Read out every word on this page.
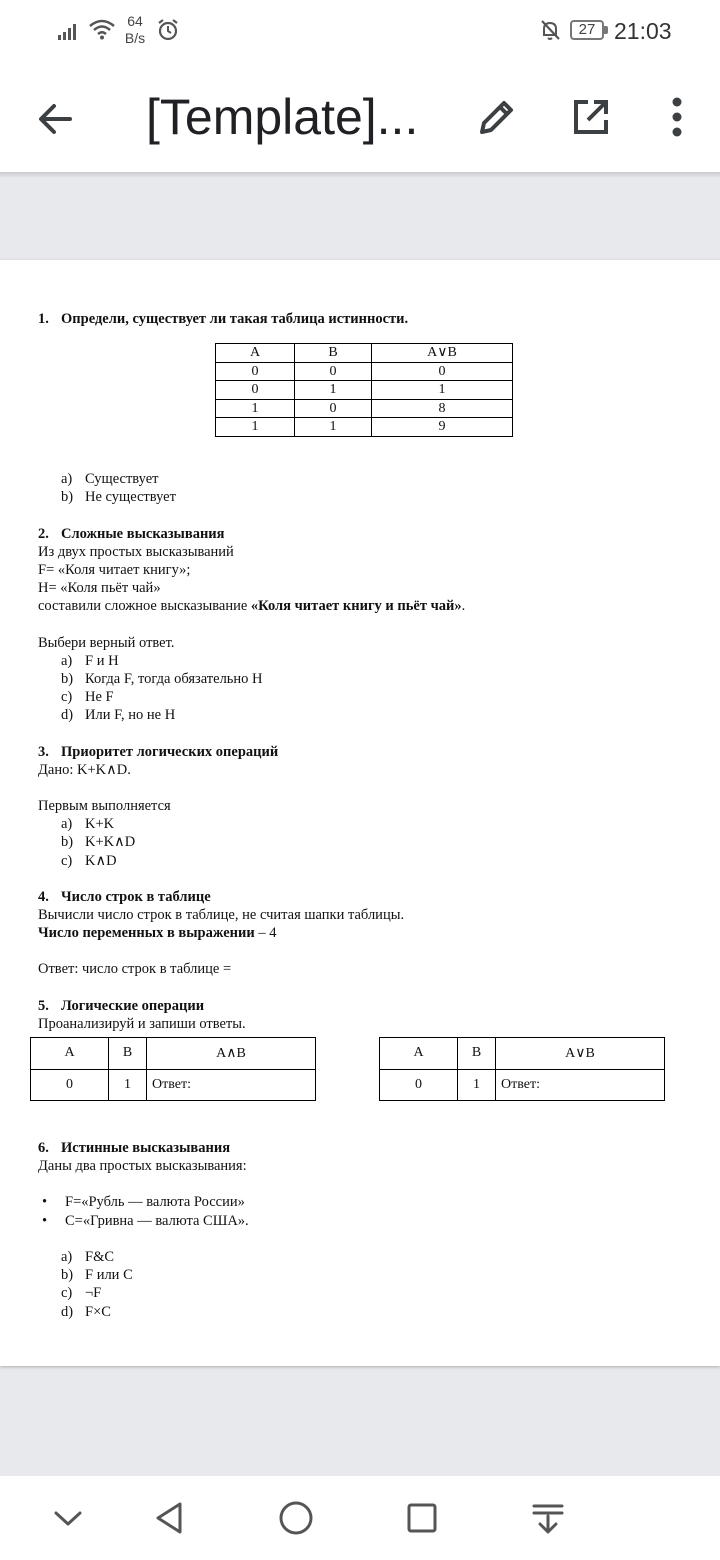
64
B/s	27 21:03
[Template]...
1. Определи, существует ли такая таблица истинности.
a) Существует
b) Не существует
2. Сложные высказывания
Из двух простых высказываний
F= «Коля читает книгу»;
H= «Коля пьёт чай»
составили сложное высказывание «Коля читает книгу и пьёт чай».
Выбери верный ответ.
a) F и H
b) Когда F, тогда обязательно H
c) Не F
d) Или F, но не H
3. Приоритет логических операций
Дано: K+K∧D.
Первым выполняется
a) K+K
b) K+K∧D
c) K∧D
4. Число строк в таблице
Вычисли число строк в таблице, не считая шапки таблицы.
Число переменных в выражении – 4
Ответ: число строк в таблице =
5. Логические операции
Проанализируй и запиши ответы.
6. Истинные высказывания
Даны два простых высказывания:
• F=«Рубль — валюта России»
• C=«Гривна — валюта США».
a) F&C
b) F или C
c) ¬F
d) F×C
A	B	A∨B
0	0	0
0	1	1
1	0	8
1	1	9
A	B	A∧B
0	1	Ответ:
A	B	A∨B
0	1	Ответ:
